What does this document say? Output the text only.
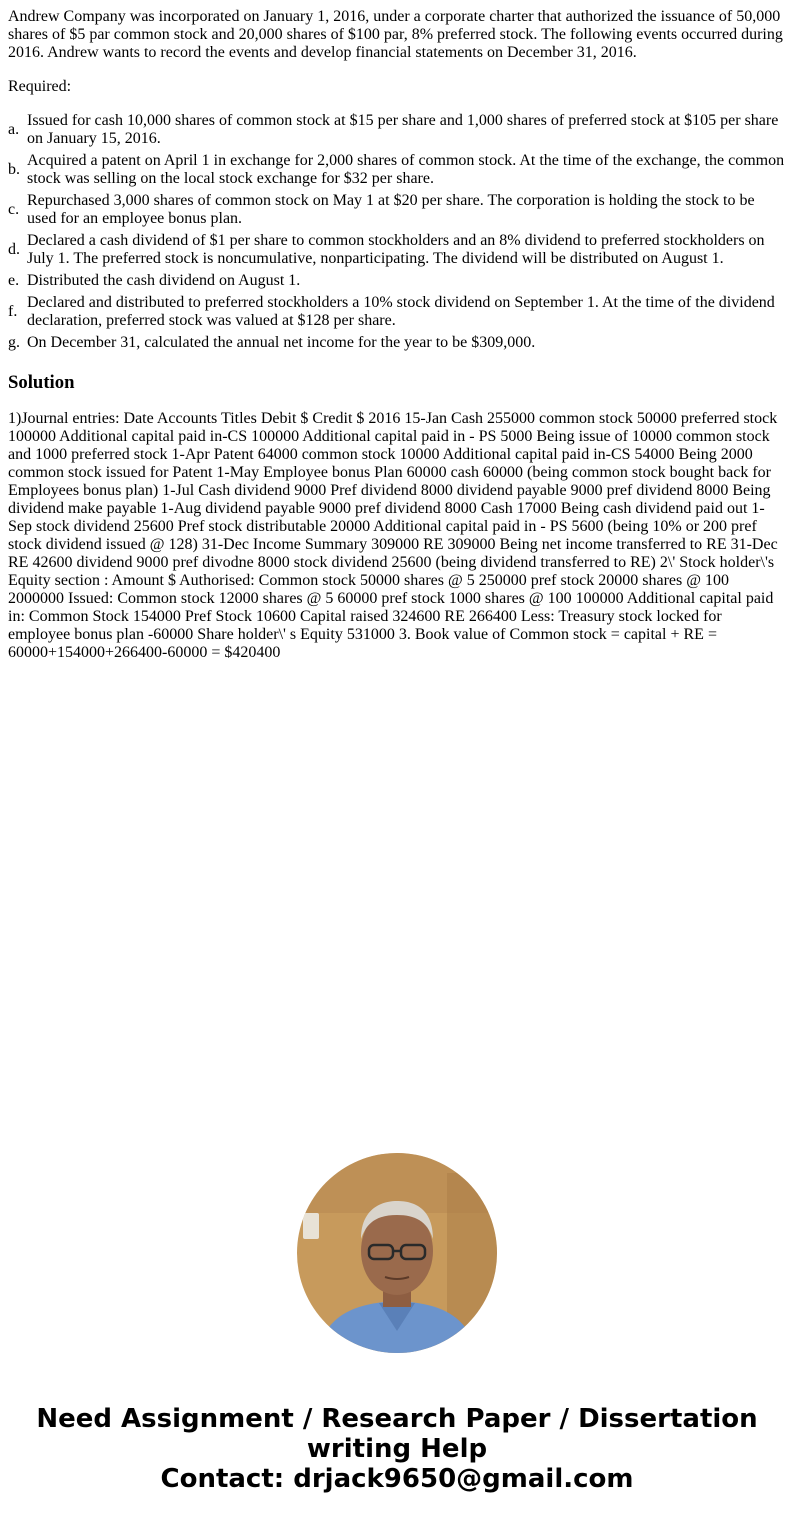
Andrew Company was incorporated on January 1, 2016, under a corporate charter that authorized the issuance of 50,000 shares of $5 par common stock and 20,000 shares of $100 par, 8% preferred stock. The following events occurred during 2016. Andrew wants to record the events and develop financial statements on December 31, 2016.

Required:

a.
Issued for cash 10,000 shares of common stock at $15 per share and 1,000 shares of preferred stock at $105 per share on January 15, 2016.
b.
Acquired a patent on April 1 in exchange for 2,000 shares of common stock. At the time of the exchange, the common stock was selling on the local stock exchange for $32 per share.
c.
Repurchased 3,000 shares of common stock on May 1 at $20 per share. The corporation is holding the stock to be used for an employee bonus plan.
d.
Declared a cash dividend of $1 per share to common stockholders and an 8% dividend to preferred stockholders on July 1. The preferred stock is noncumulative, nonparticipating. The dividend will be distributed on August 1.
e. Distributed the cash dividend on August 1.
f.
Declared and distributed to preferred stockholders a 10% stock dividend on September 1. At the time of the dividend declaration, preferred stock was valued at $128 per share.
g. On December 31, calculated the annual net income for the year to be $309,000.
Solution

1)Journal entries: Date Accounts Titles Debit $ Credit $ 2016 15-Jan Cash 255000 common stock 50000 preferred stock 100000 Additional capital paid in-CS 100000 Additional capital paid in - PS 5000 Being issue of 10000 common stock and 1000 preferred stock 1-Apr Patent 64000 common stock 10000 Additional capital paid in-CS 54000 Being 2000 common stock issued for Patent 1-May Employee bonus Plan 60000 cash 60000 (being common stock bought back for Employees bonus plan) 1-Jul Cash dividend 9000 Pref dividend 8000 dividend payable 9000 pref dividend 8000 Being dividend make payable 1-Aug dividend payable 9000 pref dividend 8000 Cash 17000 Being cash dividend paid out 1-Sep stock dividend 25600 Pref stock distributable 20000 Additional capital paid in - PS 5600 (being 10% or 200 pref stock dividend issued @ 128) 31-Dec Income Summary 309000 RE 309000 Being net income transferred to RE 31-Dec RE 42600 dividend 9000 pref divodne 8000 stock dividend 25600 (being dividend transferred to RE) 2\' Stock holder\'s Equity section : Amount $ Authorised: Common stock 50000 shares @ 5 250000 pref stock 20000 shares @ 100 2000000 Issued: Common stock 12000 shares @ 5 60000 pref stock 1000 shares @ 100 100000 Additional capital paid in: Common Stock 154000 Pref Stock 10600 Capital raised 324600 RE 266400 Less: Treasury stock locked for employee bonus plan -60000 Share holder\' s Equity 531000 3. Book value of Common stock = capital + RE = 60000+154000+266400-60000 = $420400

Need Assignment / Research Paper / Dissertation
writing Help
Contact: drjack9650@gmail.com
